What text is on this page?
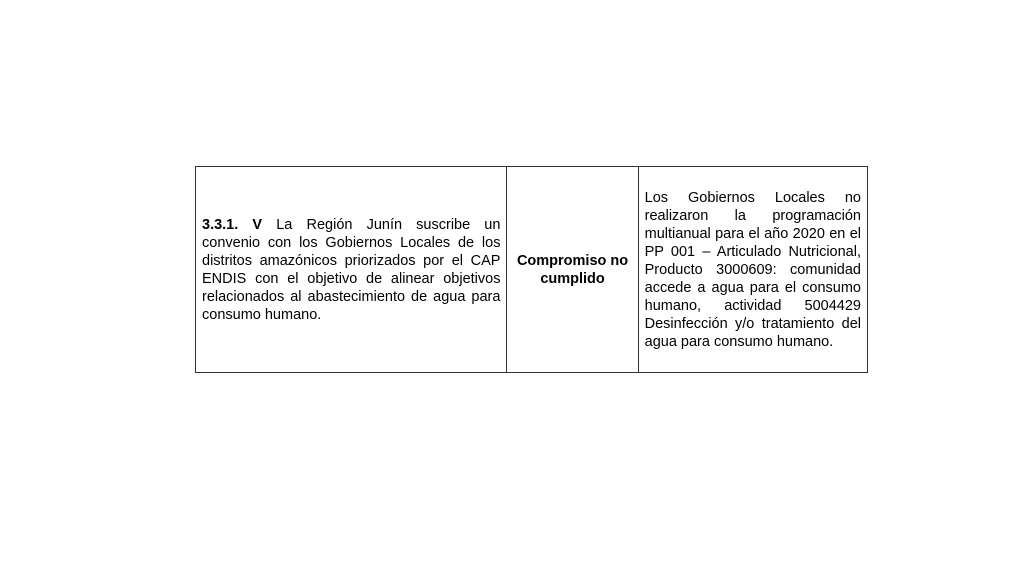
3.3.1. V La Región Junín suscribe un convenio con los Gobiernos Locales de los distritos amazónicos priorizados por el CAP ENDIS con el objetivo de alinear objetivos relacionados al abastecimiento de agua para consumo humano.	Compromiso no cumplido	Los Gobiernos Locales no realizaron la programación multianual para el año 2020 en el PP 001 – Articulado Nutricional, Producto 3000609: comunidad accede a agua para el consumo humano, actividad 5004429 Desinfección y/o tratamiento del agua para consumo humano.
